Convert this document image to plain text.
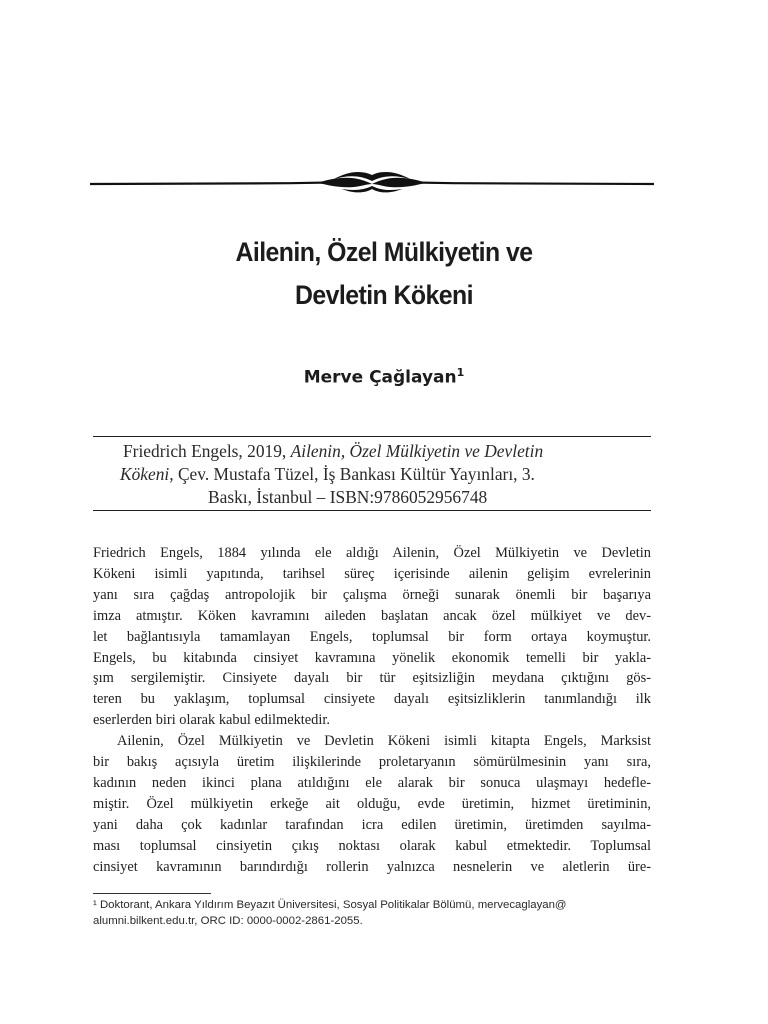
Ailenin, Özel Mülkiyetin ve
Devletin Kökeni
Merve Çağlayan$^1$
Friedrich Engels, 2019, Ailenin, Özel Mülkiyetin ve Devletin
Kökeni, Çev. Mustafa Tüzel, İş Bankası Kültür Yayınları, 3.
Baskı, İstanbul – ISBN:9786052956748

Friedrich Engels, 1884 yılında ele aldığı Ailenin, Özel Mülkiyetin ve Devletin
Kökeni isimli yapıtında, tarihsel süreç içerisinde ailenin gelişim evrelerinin
yanı sıra çağdaş antropolojik bir çalışma örneği sunarak önemli bir başarıya
imza atmıştır. Köken kavramını aileden başlatan ancak özel mülkiyet ve dev-
let bağlantısıyla tamamlayan Engels, toplumsal bir form ortaya koymuştur.
Engels, bu kitabında cinsiyet kavramına yönelik ekonomik temelli bir yakla-
şım sergilemiştir. Cinsiyete dayalı bir tür eşitsizliğin meydana çıktığını gös-
teren bu yaklaşım, toplumsal cinsiyete dayalı eşitsizliklerin tanımlandığı ilk
eserlerden biri olarak kabul edilmektedir.

Ailenin, Özel Mülkiyetin ve Devletin Kökeni isimli kitapta Engels, Marksist
bir bakış açısıyla üretim ilişkilerinde proletaryanın sömürülmesinin yanı sıra,
kadının neden ikinci plana atıldığını ele alarak bir sonuca ulaşmayı hedefle-
miştir. Özel mülkiyetin erkeğe ait olduğu, evde üretimin, hizmet üretiminin,
yani daha çok kadınlar tarafından icra edilen üretimin, üretimden sayılma-
ması toplumsal cinsiyetin çıkış noktası olarak kabul etmektedir. Toplumsal
cinsiyet kavramının barındırdığı rollerin yalnızca nesnelerin ve aletlerin üre-

¹ Doktorant, Ankara Yıldırım Beyazıt Üniversitesi, Sosyal Politikalar Bölümü, mervecaglayan@
alumni.bilkent.edu.tr, ORC ID: 0000-0002-2861-2055.
